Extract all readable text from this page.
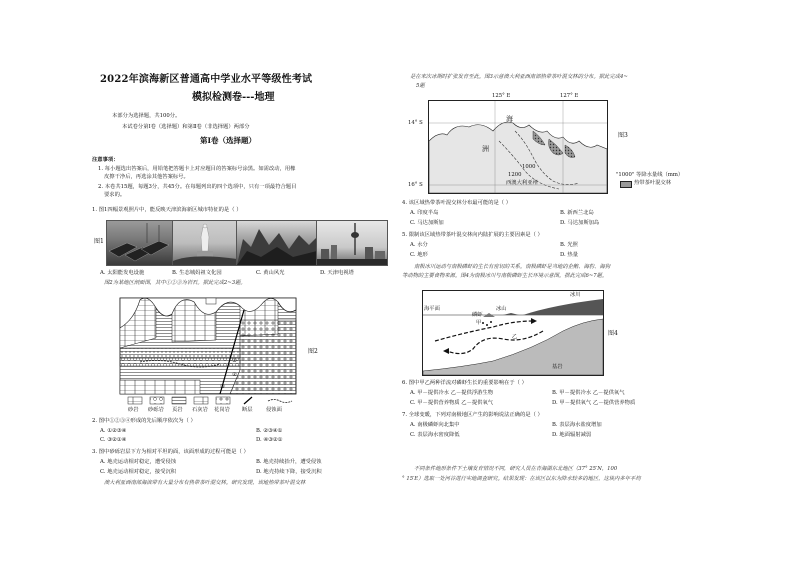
2022年滨海新区普通高中学业水平等级性考试
模拟检测卷---地理
本部分为选择题，共100分。
本试卷分第Ⅰ卷（选择题）和第Ⅱ卷（非选择题）两部分
第Ⅰ卷（选择题）
注意事项：
1. 每小题选出答案后，用铅笔把答题卡上对应题目的答案标号涂黑。如需改动，用橡
皮擦干净后，再选涂其他答案标号。
2. 本卷共15题，每题3分，共45分。在每题列出的四个选项中，只有一项最符合题目
要求的。
1. 图1四幅景观照片中，能反映天津滨海新区城市特征的是（ ）
图1
A. 太阳能发电设施	B. 生态城妈祖文化园	C. 黄山风光	D. 天津电视塔
图2为某地区剖面图，其中①②③为岩石。据此完成2~3题。
①
②
③
图2
砂岩 砂砾岩 页岩 石灰岩 花岗岩 断层	侵蚀面
2. 图中①②③④形成的先后顺序依次为（ ）
A. ①②③④	B. ②③④①
C. ③②①④	D. ④③②①
3. 图中砂砾岩层下方为相对平坦的面，该面形成的过程可能是（ ）
A. 地壳运动相对稳定，遭受侵蚀	B. 地壳持续抬升，遭受侵蚀
C. 地壳运动相对稳定，接受沉积	D. 地壳持续下降，接受沉积
澳大利亚西南部海滨带有大量分布有热带茶叶混交林。研究发现，该地热带茶叶混交林
是在末次冰期时扩张发育至此。图3示意澳大利亚西南部热带茶叶混交林的分布。据此完成4~
5题
125° E	127° E
14° S
16° S
海
洲
西澳大利亚州
1000
1200
图3
"1000" 等降水量线（mm）
热带茶叶混交林
4. 该区域热带茶叶混交林分布最可能的是（ ）
A. 印度半岛	B. 新西兰北岛
C. 马达加斯加	D. 马达加斯加岛
5. 限制该区域热带茶叶混交林向内陆扩展的主要因素是（ ）
A. 水分	B. 光照
C. 地形	D. 热量
南极冰川运动与南极磷虾的生长有密切的关系。南极磷虾是当地的企鹅、海豹、海狗
等动物的主要食物来源。图4为南极冰川与南极磷虾生长环境示意图。据此完成6~7题。
海平面
冰川
冰山
甲
乙
磷虾
基岩
图4
6. 图中甲乙两种洋流对磷虾生长的重要影响在于（ ）
A. 甲－提供冷水 乙－提供浮游生物	B. 甲－提供冷水 乙－提供氧气
C. 甲－提供营养物质 乙－提供氧气	D. 甲－提供氧气 乙－提供营养物质
7. 全球变暖，下列对南极地区产生的影响说法正确的是（ ）
A. 南极磷虾向北集中	B. 表层海水盐度增加
C. 表层海水密度降低	D. 地面辐射减弱
不同条件地形条件下土壤发育情况不同，研究人员在青海湖东北地区（37° 25′N，100
° 15′E）选取一处河谷进行实地调查研究。结果发现：在该区以东为降水较多的地区，这块内多年平均
